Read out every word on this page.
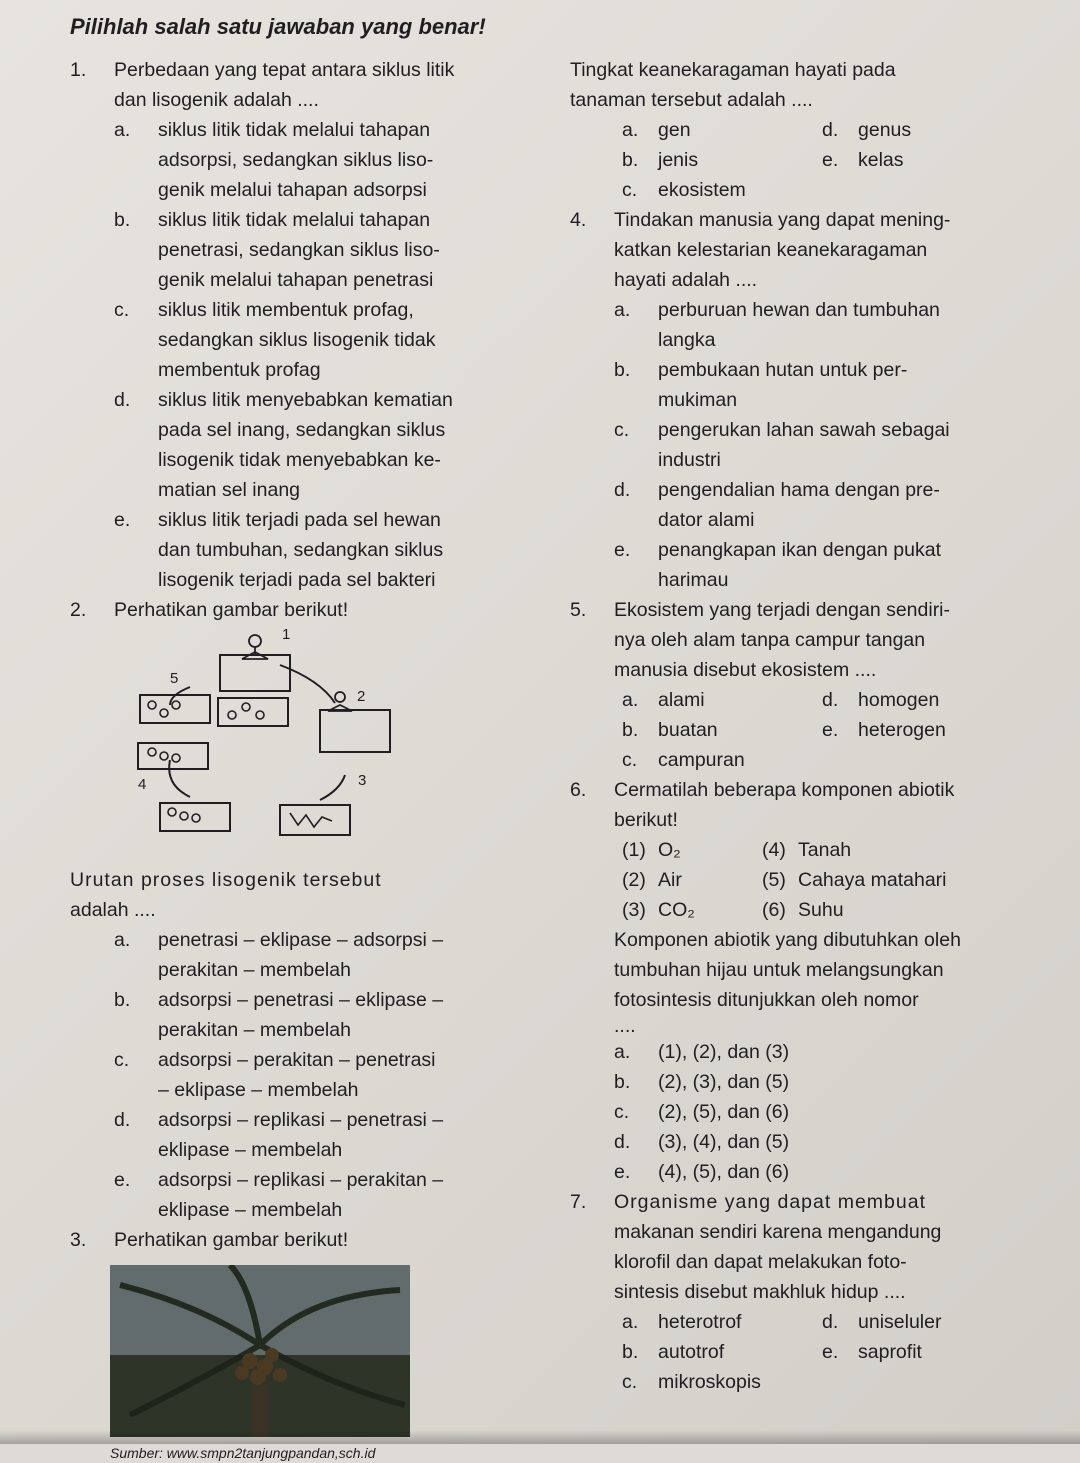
Pilihlah salah satu jawaban yang benar!
1. Perbedaan yang tepat antara siklus litik
dan lisogenik adalah ....
a. siklus litik tidak melalui tahapan
adsorpsi, sedangkan siklus liso-
genik melalui tahapan adsorpsi
b. siklus litik tidak melalui tahapan
penetrasi, sedangkan siklus liso-
genik melalui tahapan penetrasi
c. siklus litik membentuk profag,
sedangkan siklus lisogenik tidak
membentuk profag
d. siklus litik menyebabkan kematian
pada sel inang, sedangkan siklus
lisogenik tidak menyebabkan ke-
matian sel inang
e. siklus litik terjadi pada sel hewan
dan tumbuhan, sedangkan siklus
lisogenik terjadi pada sel bakteri
2. Perhatikan gambar berikut!
1
2
3
4
5
Urutan proses lisogenik tersebut
adalah ....
a. penetrasi – eklipase – adsorpsi –
perakitan – membelah
b. adsorpsi – penetrasi – eklipase –
perakitan – membelah
c. adsorpsi – perakitan – penetrasi
– eklipase – membelah
d. adsorpsi – replikasi – penetrasi –
eklipase – membelah
e. adsorpsi – replikasi – perakitan –
eklipase – membelah
3. Perhatikan gambar berikut!
Sumber: www.smpn2tanjungpandan,sch.id
Tingkat keanekaragaman hayati pada
tanaman tersebut adalah ....
a. gen	d. genus
b. jenis	e. kelas
c. ekosistem
4. Tindakan manusia yang dapat mening-
katkan kelestarian keanekaragaman
hayati adalah ....
a. perburuan hewan dan tumbuhan
langka
b. pembukaan hutan untuk per-
mukiman
c. pengerukan lahan sawah sebagai
industri
d. pengendalian hama dengan pre-
dator alami
e. penangkapan ikan dengan pukat
harimau
5. Ekosistem yang terjadi dengan sendiri-
nya oleh alam tanpa campur tangan
manusia disebut ekosistem ....
a. alami	d. homogen
b. buatan	e. heterogen
c. campuran
6. Cermatilah beberapa komponen abiotik
berikut!
(1) O₂	(4) Tanah
(2) Air	(5) Cahaya matahari
(3) CO₂	(6) Suhu
Komponen abiotik yang dibutuhkan oleh
tumbuhan hijau untuk melangsungkan
fotosintesis ditunjukkan oleh nomor
....
a. (1), (2), dan (3)
b. (2), (3), dan (5)
c. (2), (5), dan (6)
d. (3), (4), dan (5)
e. (4), (5), dan (6)
7. Organisme yang dapat membuat
makanan sendiri karena mengandung
klorofil dan dapat melakukan foto-
sintesis disebut makhluk hidup ....
a. heterotrof	d. uniseluler
b. autotrof	e. saprofit
c. mikroskopis
